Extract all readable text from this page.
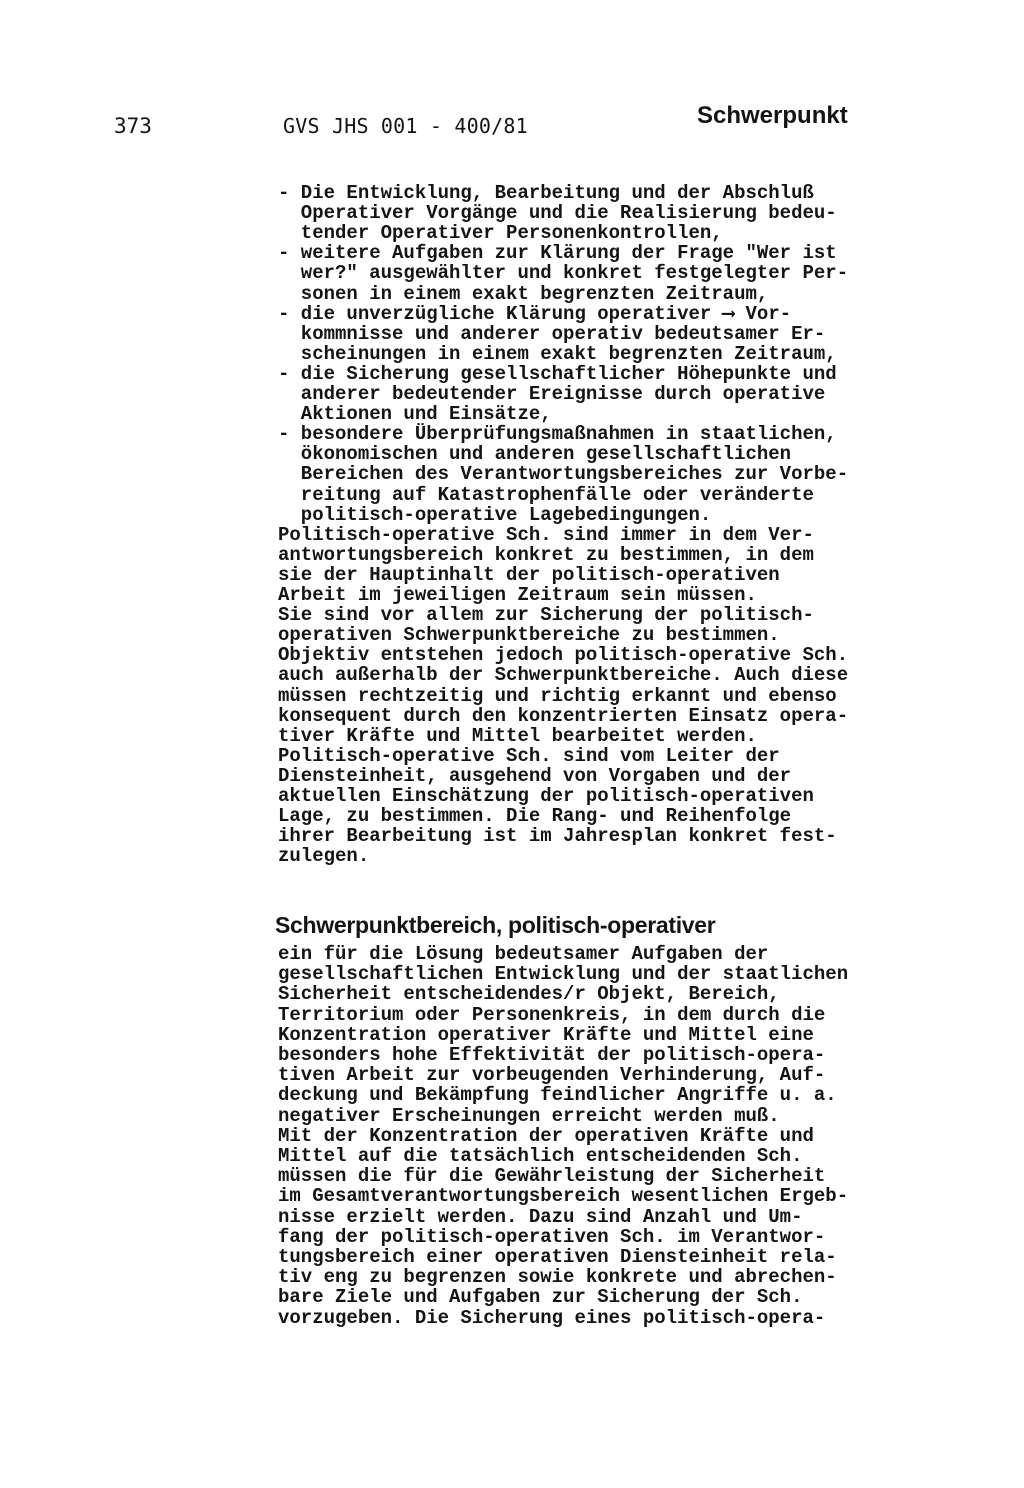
373	GVS JHS 001 - 400/81	Schwerpunkt
- Die Entwicklung, Bearbeitung und der Abschluß
Operativer Vorgänge und die Realisierung bedeu-
tender Operativer Personenkontrollen,
- weitere Aufgaben zur Klärung der Frage "Wer ist
wer?" ausgewählter und konkret festgelegter Per-
sonen in einem exakt begrenzten Zeitraum,
- die unverzügliche Klärung operativer ⟶ Vor-
kommnisse und anderer operativ bedeutsamer Er-
scheinungen in einem exakt begrenzten Zeitraum,
- die Sicherung gesellschaftlicher Höhepunkte und
anderer bedeutender Ereignisse durch operative
Aktionen und Einsätze,
- besondere Überprüfungsmaßnahmen in staatlichen,
ökonomischen und anderen gesellschaftlichen
Bereichen des Verantwortungsbereiches zur Vorbe-
reitung auf Katastrophenfälle oder veränderte
politisch-operative Lagebedingungen.
Politisch-operative Sch. sind immer in dem Ver-
antwortungsbereich konkret zu bestimmen, in dem
sie der Hauptinhalt der politisch-operativen
Arbeit im jeweiligen Zeitraum sein müssen.
Sie sind vor allem zur Sicherung der politisch-
operativen Schwerpunktbereiche zu bestimmen.
Objektiv entstehen jedoch politisch-operative Sch.
auch außerhalb der Schwerpunktbereiche. Auch diese
müssen rechtzeitig und richtig erkannt und ebenso
konsequent durch den konzentrierten Einsatz opera-
tiver Kräfte und Mittel bearbeitet werden.
Politisch-operative Sch. sind vom Leiter der
Diensteinheit, ausgehend von Vorgaben und der
aktuellen Einschätzung der politisch-operativen
Lage, zu bestimmen. Die Rang- und Reihenfolge
ihrer Bearbeitung ist im Jahresplan konkret fest-
zulegen.
Schwerpunktbereich, politisch-operativer
ein für die Lösung bedeutsamer Aufgaben der
gesellschaftlichen Entwicklung und der staatlichen
Sicherheit entscheidendes/r Objekt, Bereich,
Territorium oder Personenkreis, in dem durch die
Konzentration operativer Kräfte und Mittel eine
besonders hohe Effektivität der politisch-opera-
tiven Arbeit zur vorbeugenden Verhinderung, Auf-
deckung und Bekämpfung feindlicher Angriffe u. a.
negativer Erscheinungen erreicht werden muß.
Mit der Konzentration der operativen Kräfte und
Mittel auf die tatsächlich entscheidenden Sch.
müssen die für die Gewährleistung der Sicherheit
im Gesamtverantwortungsbereich wesentlichen Ergeb-
nisse erzielt werden. Dazu sind Anzahl und Um-
fang der politisch-operativen Sch. im Verantwor-
tungsbereich einer operativen Diensteinheit rela-
tiv eng zu begrenzen sowie konkrete und abrechen-
bare Ziele und Aufgaben zur Sicherung der Sch.
vorzugeben. Die Sicherung eines politisch-opera-
